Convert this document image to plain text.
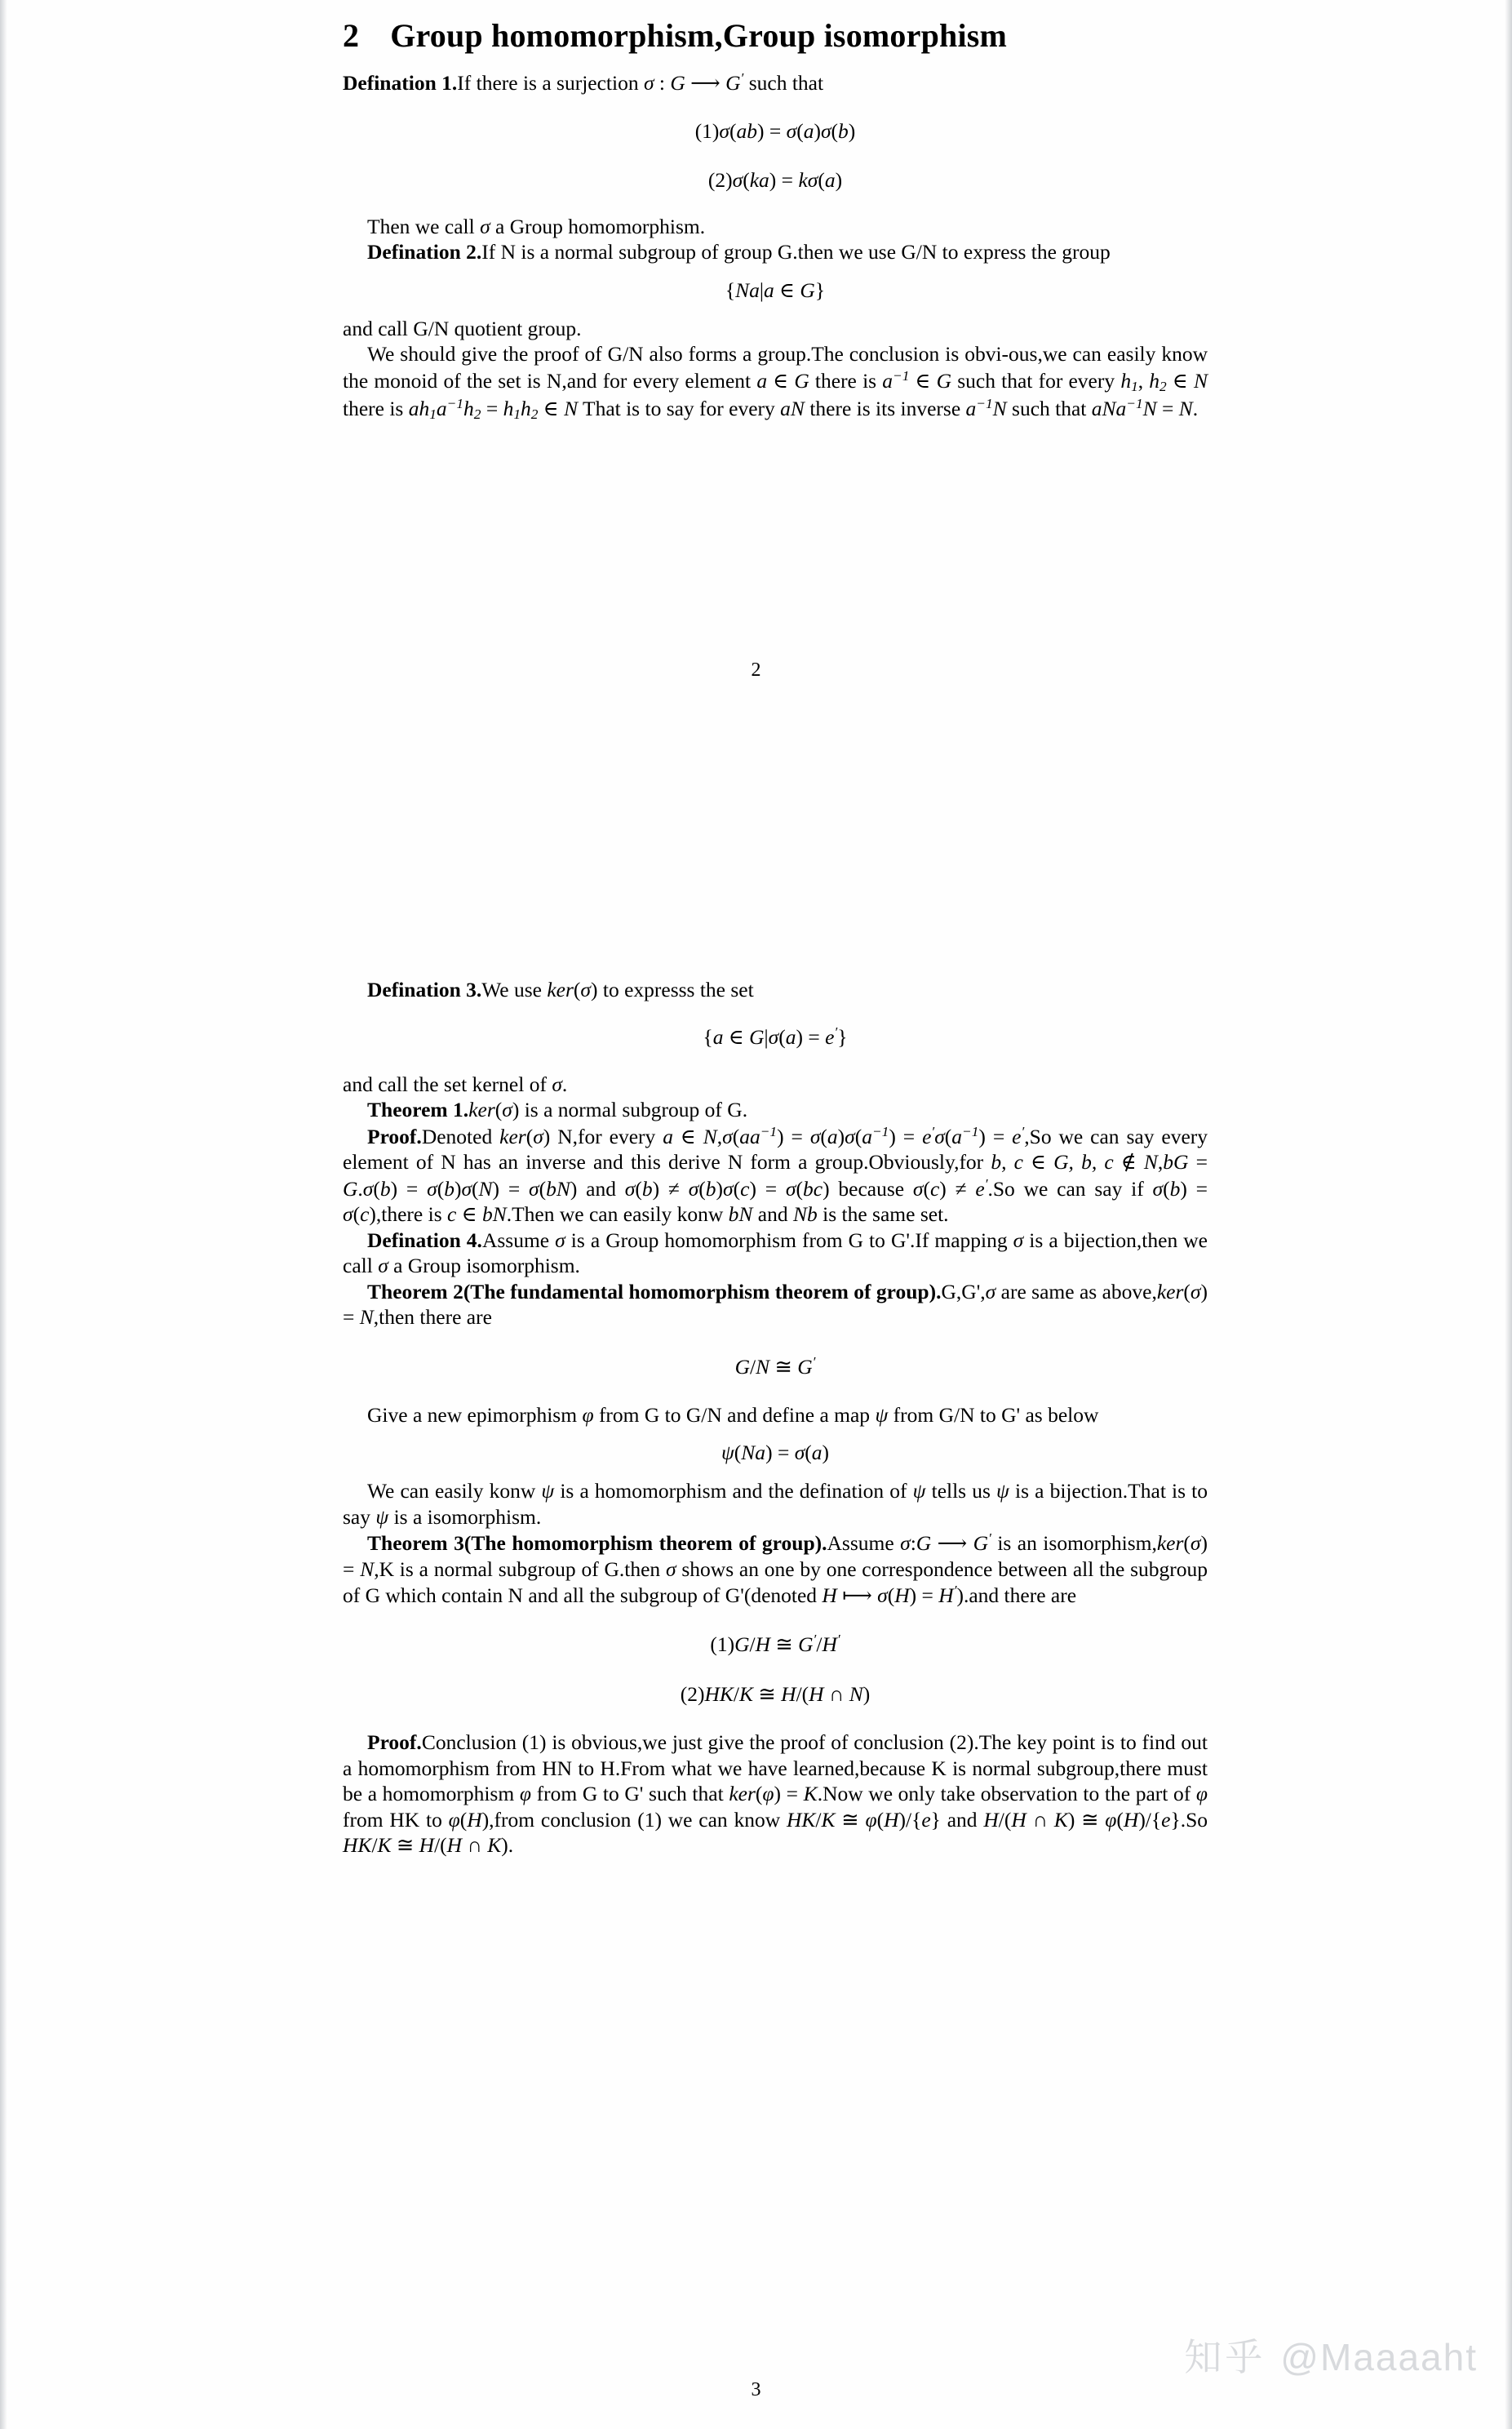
2 Group homomorphism,Group isomorphism

Defination 1.If there is a surjection σ : G ⟶ G′ such that

(1)σ(ab) = σ(a)σ(b)

(2)σ(ka) = kσ(a)

Then we call σ a Group homomorphism.

Defination 2.If N is a normal subgroup of group G.then we use G/N to express the group

{Na|a ∈ G}

and call G/N quotient group.

We should give the proof of G/N also forms a group.The conclusion is obvi-ous,we can easily know the monoid of the set is N,and for every element a ∈ G there is $a^{-1}$ ∈ G such that for every $h_1$, $h_2$ ∈ N there is $ah_1a^{-1}h_2 = h_1h_2$ ∈ N That is to say for every aN there is its inverse $a^{-1}N$ such that aNa$^{-1}$N = N.

2

Defination 3.We use ker(σ) to expresss the set

{a ∈ G|σ(a) = e′}

and call the set kernel of σ.

Theorem 1.ker(σ) is a normal subgroup of G.

Proof.Denoted ker(σ) N,for every a ∈ $N,\sigma(aa^{-1}) = \sigma(a)\sigma(a^{-1}) = e'\sigma(a^{-1}) = e',So$ we can say every element of N has an inverse and this derive N form a group.Obviously,for b, c ∈ G, b, c ∉ N,bG = G.σ(b) = σ(b)σ(N) = σ(bN) and σ(b) ≠ σ(b)σ(c) = σ(bc) because σ(c) ≠ e′.So we can say if σ(b) = σ(c),there is c ∈ bN.Then we can easily konw bN and Nb is the same set.

Defination 4.Assume σ is a Group homomorphism from G to G'.If mapping σ is a bijection,then we call σ a Group isomorphism.

Theorem 2(The fundamental homomorphism theorem of group).G,G',σ are same as above,ker(σ) = N,then there are

G/N ≅ G′

Give a new epimorphism φ from G to G/N and define a map ψ from G/N to G' as below

ψ(Na) = σ(a)

We can easily konw ψ is a homomorphism and the defination of ψ tells us ψ is a bijection.That is to say ψ is a isomorphism.

Theorem 3(The homomorphism theorem of group).Assume σ:G ⟶ G′ is an isomorphism,ker(σ) = N,K is a normal subgroup of G.then σ shows an one by one correspondence between all the subgroup of G which contain N and all the subgroup of G'(denoted H ⟼ σ(H) = H′).and there are

(1)G/H ≅ G′/H′

(2)HK/K ≅ H/(H ∩ N)

Proof.Conclusion (1) is obvious,we just give the proof of conclusion (2).The key point is to find out a homomorphism from HN to H.From what we have learned,because K is normal subgroup,there must be a homomorphism φ from G to G' such that ker(φ) = K.Now we only take observation to the part of φ from HK to φ(H),from conclusion (1) we can know HK/K ≅ φ(H)/{e} and H/(H ∩ K) ≅ φ(H)/{e}.So HK/K ≅ H/(H ∩ K).

3
知乎 @Maaaaht
